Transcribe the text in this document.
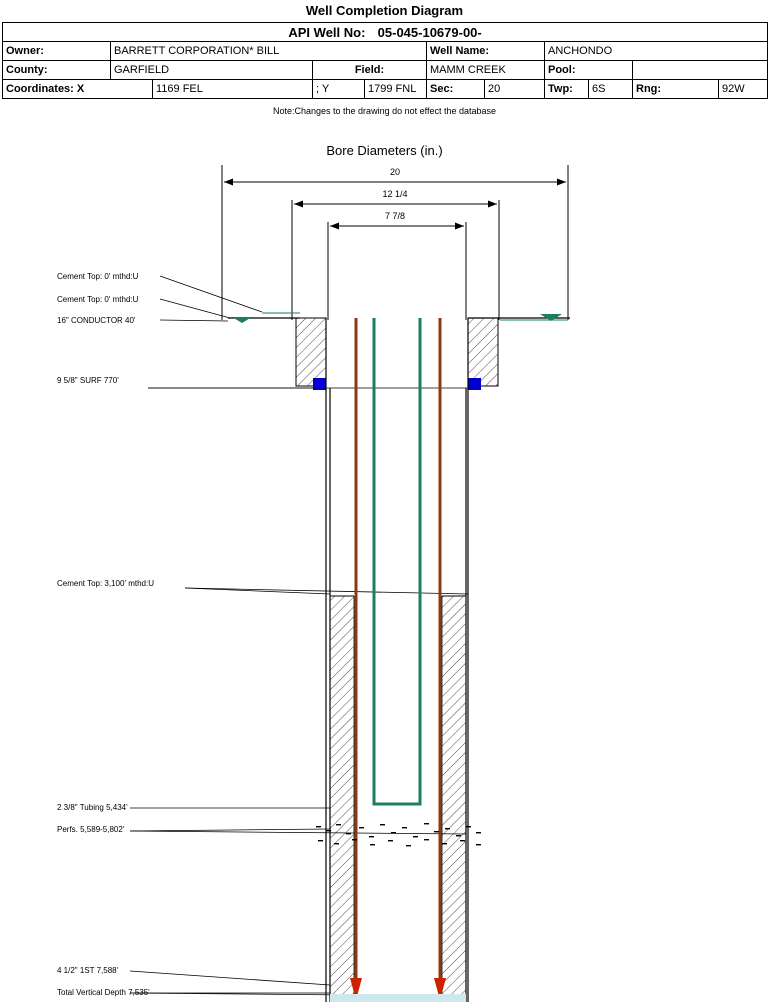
Well Completion Diagram
API Well No: 05-045-10679-00-										
Owner:	BARRETT CORPORATION* BILL				Well Name:		ANCHONDO			
County:	GARFIELD		Field:		MAMM CREEK		Pool:			
Coordinates: X		1169 FEL	; Y	1799 FNL	Sec:	20	Twp:	6S	Rng:	92W
Note:Changes to the drawing do not effect the database
Bore Diameters (in.)
20
12 1/4
7 7/8
Cement Top: 0' mthd:U
Cement Top: 0' mthd:U
16" CONDUCTOR 40'
9 5/8" SURF 770'
Cement Top: 3,100' mthd:U
2 3/8" Tubing 5,434'
Perfs. 5,589-5,802'
4 1/2" 1ST 7,588'
Total Vertical Depth 7,535'
